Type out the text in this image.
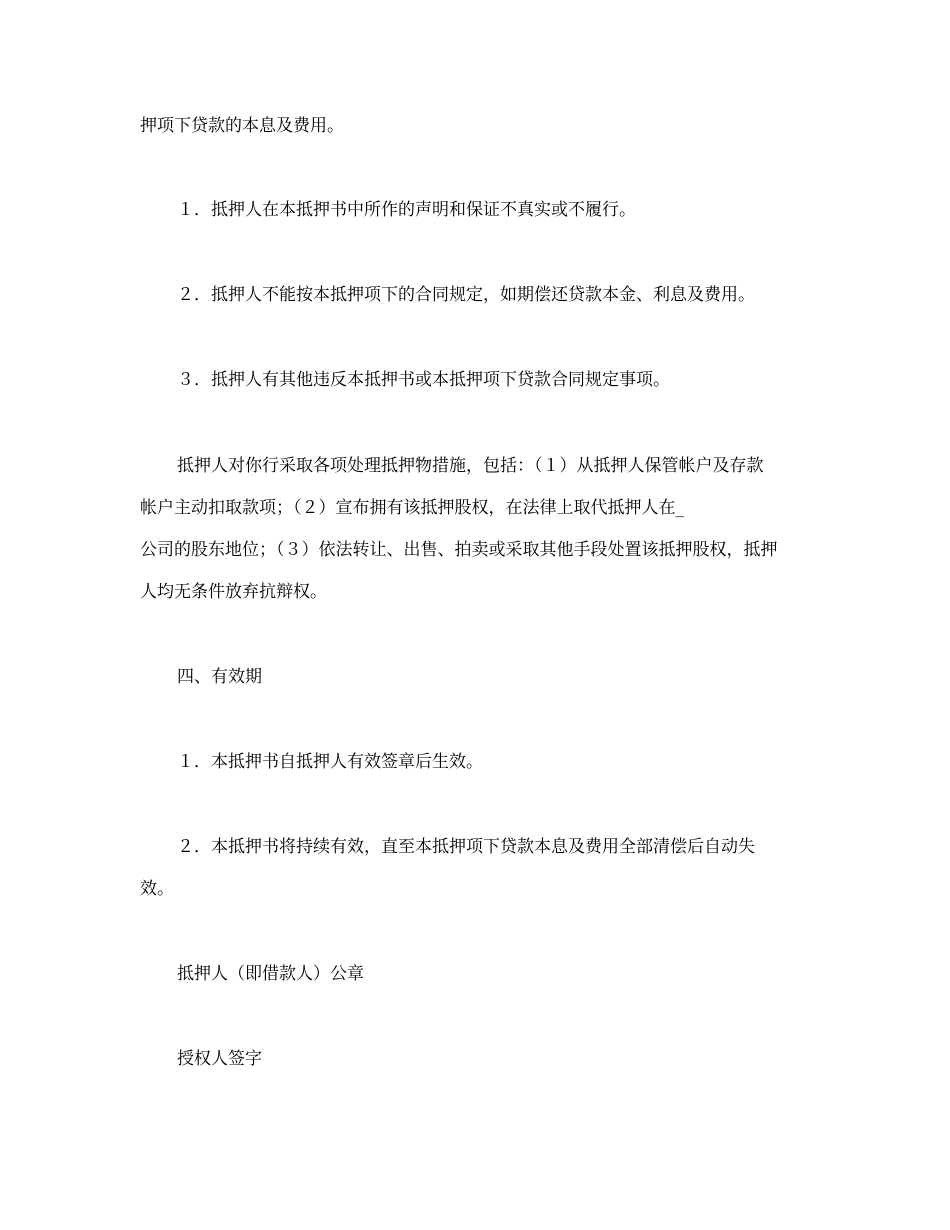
押项下贷款的本息及费用。
１．抵押人在本抵押书中所作的声明和保证不真实或不履行。
２．抵押人不能按本抵押项下的合同规定，如期偿还贷款本金、利息及费用。
３．抵押人有其他违反本抵押书或本抵押项下贷款合同规定事项。
抵押人对你行采取各项处理抵押物措施，包括：（１）从抵押人保管帐户及存款
帐户主动扣取款项；（２）宣布拥有该抵押股权，在法律上取代抵押人在_
公司的股东地位；（３）依法转让、出售、拍卖或采取其他手段处置该抵押股权，抵押
人均无条件放弃抗辩权。
四、有效期
１．本抵押书自抵押人有效签章后生效。
２．本抵押书将持续有效，直至本抵押项下贷款本息及费用全部清偿后自动失
效。
抵押人（即借款人）公章
授权人签字
